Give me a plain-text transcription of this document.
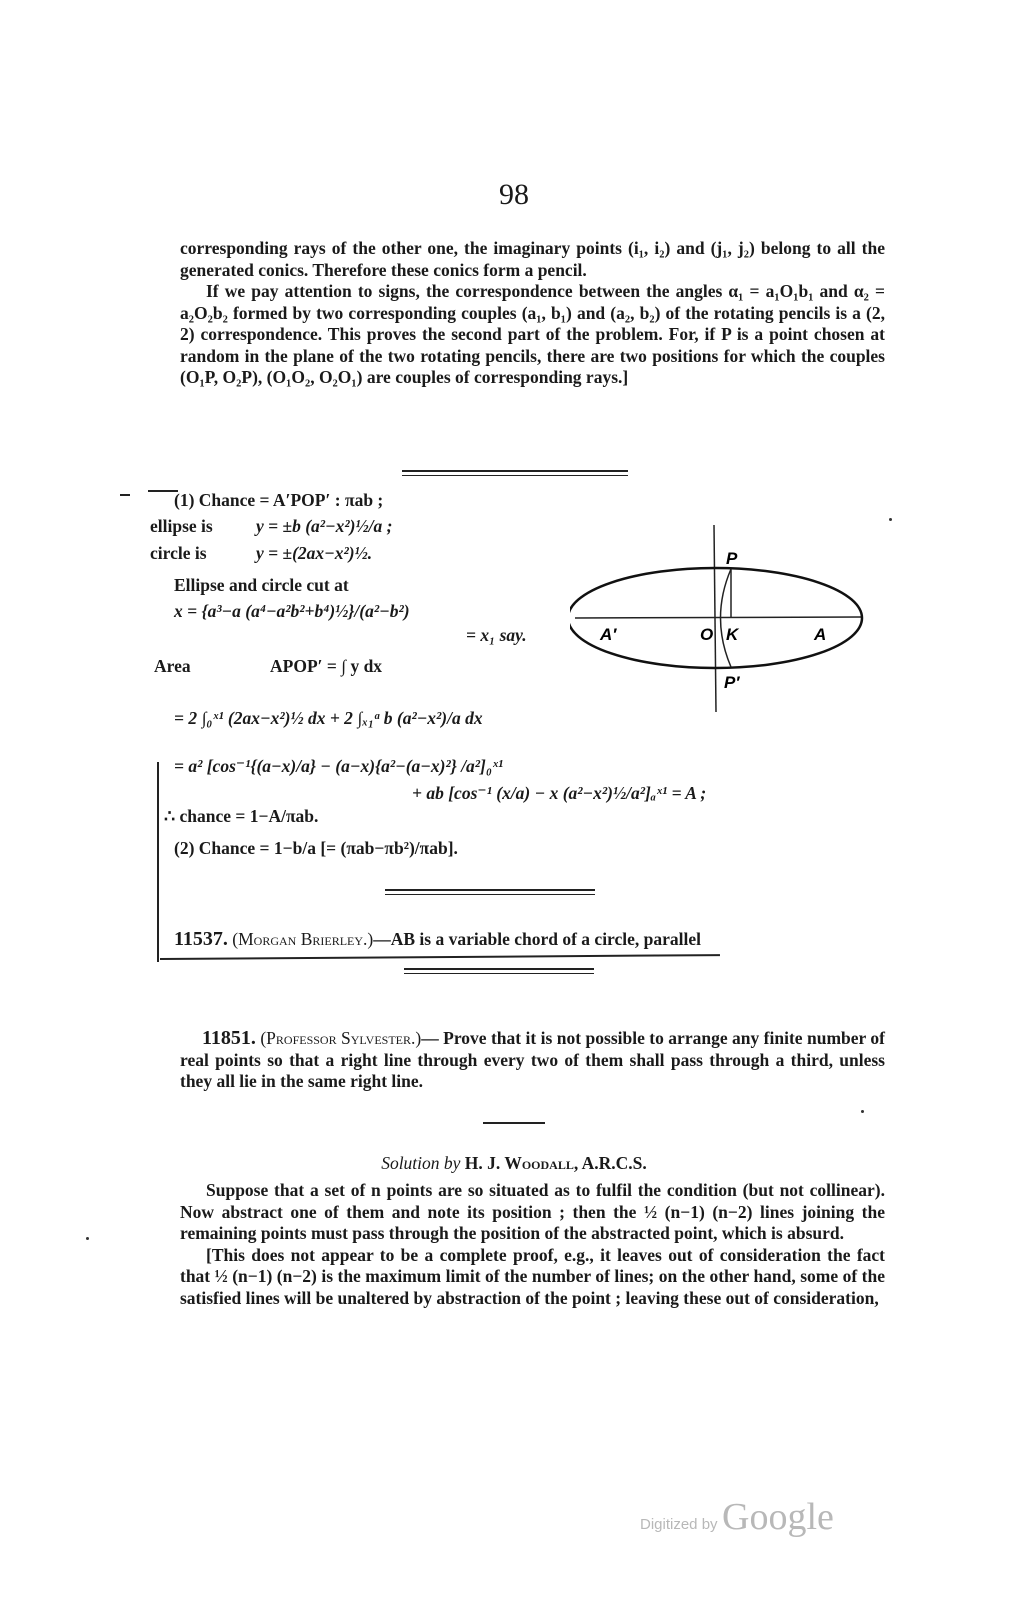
98

corresponding rays of the other one, the imaginary points (i₁, i₂) and (j₁, j₂) belong to all the generated conics. Therefore these conics form a pencil.

If we pay attention to signs, the correspondence between the angles α₁ = a₁O₁b₁ and α₂ = a₂O₂b₂ formed by two corresponding couples (a₁, b₁) and (a₂, b₂) of the rotating pencils is a (2, 2) correspondence. This proves the second part of the problem. For, if P is a point chosen at random in the plane of the two rotating pencils, there are two positions for which the couples (O₁P, O₂P), (O₁O₂, O₂O₁) are couples of corresponding rays.]

(1) Chance = A′POP′ : πab ;
ellipse is y = ±b (a²−x²)½/a ;
circle is	y = ±(2ax−x²)½.
Ellipse and circle cut at
x = {a³−a (a⁴−a²b²+b⁴)½}/(a²−b²)
= x₁ say.
Area	APOP′ = ∫ y dx
= 2 ∫₀ˣ¹ (2ax−x²)½ dx + 2 ∫ₓ₁ᵃ b (a²−x²)/a dx
= a² [cos⁻¹{(a−x)/a} − (a−x){a²−(a−x)²} /a²]₀ˣ¹
+ ab [cos⁻¹ (x/a) − x (a²−x²)½/a²]ₐˣ¹ = A ;
∴ chance = 1−A/πab.
(2) Chance = 1−b/a [= (πab−πb²)/πab].
11537. (Morgan Brierley.)—AB is a variable chord of a circle, parallel
A′	O K	A
P
P′

11851. (Professor Sylvester.)— Prove that it is not possible to arrange any finite number of real points so that a right line through every two of them shall pass through a third, unless they all lie in the same right line.

Solution by H. J. Woodall, A.R.C.S.

Suppose that a set of n points are so situated as to fulfil the condition (but not collinear). Now abstract one of them and note its position ; then the ½ (n−1) (n−2) lines joining the remaining points must pass through the position of the abstracted point, which is absurd.

[This does not appear to be a complete proof, e.g., it leaves out of consideration the fact that ½ (n−1) (n−2) is the maximum limit of the number of lines; on the other hand, some of the satisfied lines will be unaltered by abstraction of the point ; leaving these out of consideration,

Digitized by Google
